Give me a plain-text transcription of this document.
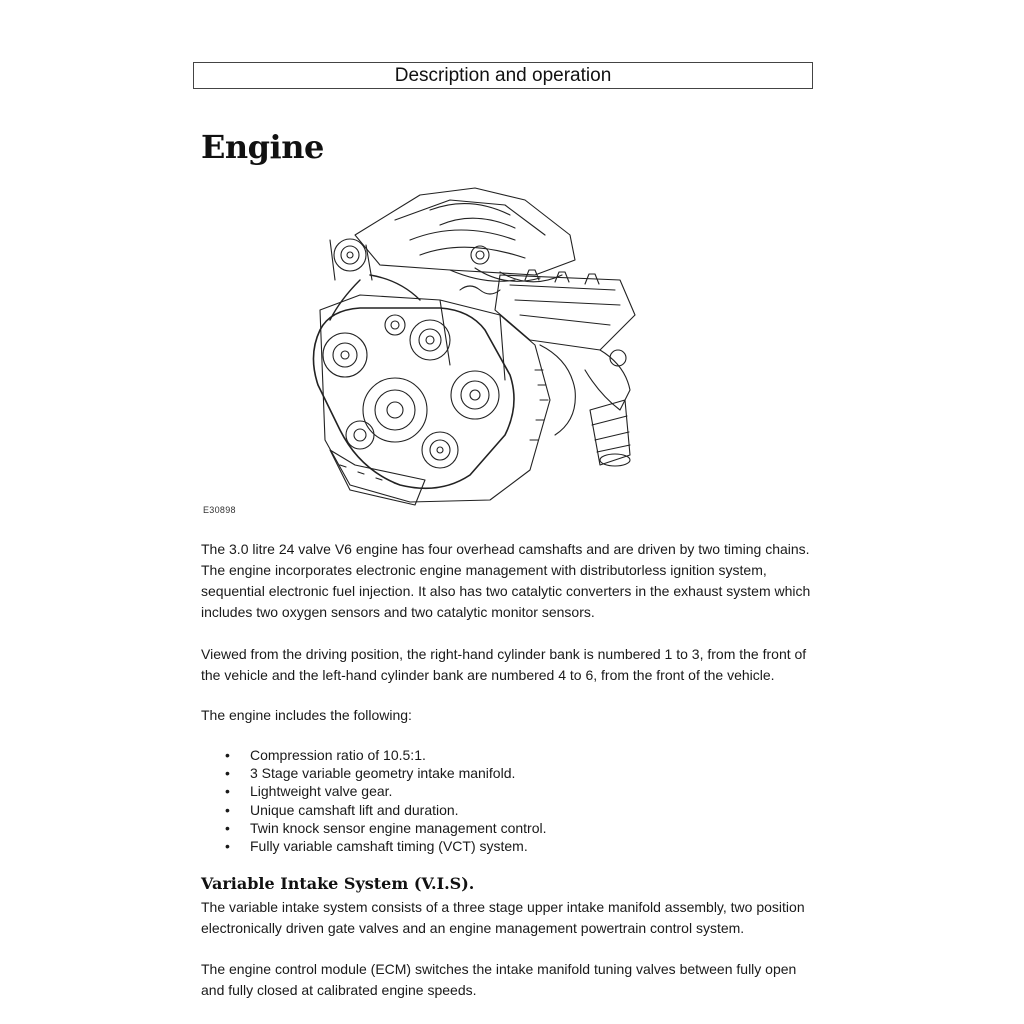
Description and operation
Engine
E30898

The 3.0 litre 24 valve V6 engine has four overhead camshafts and are driven by two timing chains. The engine incorporates electronic engine management with distributorless ignition system, sequential electronic fuel injection. It also has two catalytic converters in the exhaust system which includes two oxygen sensors and two catalytic monitor sensors.

Viewed from the driving position, the right-hand cylinder bank is numbered 1 to 3, from the front of the vehicle and the left-hand cylinder bank are numbered 4 to 6, from the front of the vehicle.

The engine includes the following:

• Compression ratio of 10.5:1.
• 3 Stage variable geometry intake manifold.
• Lightweight valve gear.
• Unique camshaft lift and duration.
• Twin knock sensor engine management control.
• Fully variable camshaft timing (VCT) system.
Variable Intake System (V.I.S).

The variable intake system consists of a three stage upper intake manifold assembly, two position electronically driven gate valves and an engine management powertrain control system.

The engine control module (ECM) switches the intake manifold tuning valves between fully open and fully closed at calibrated engine speeds.
